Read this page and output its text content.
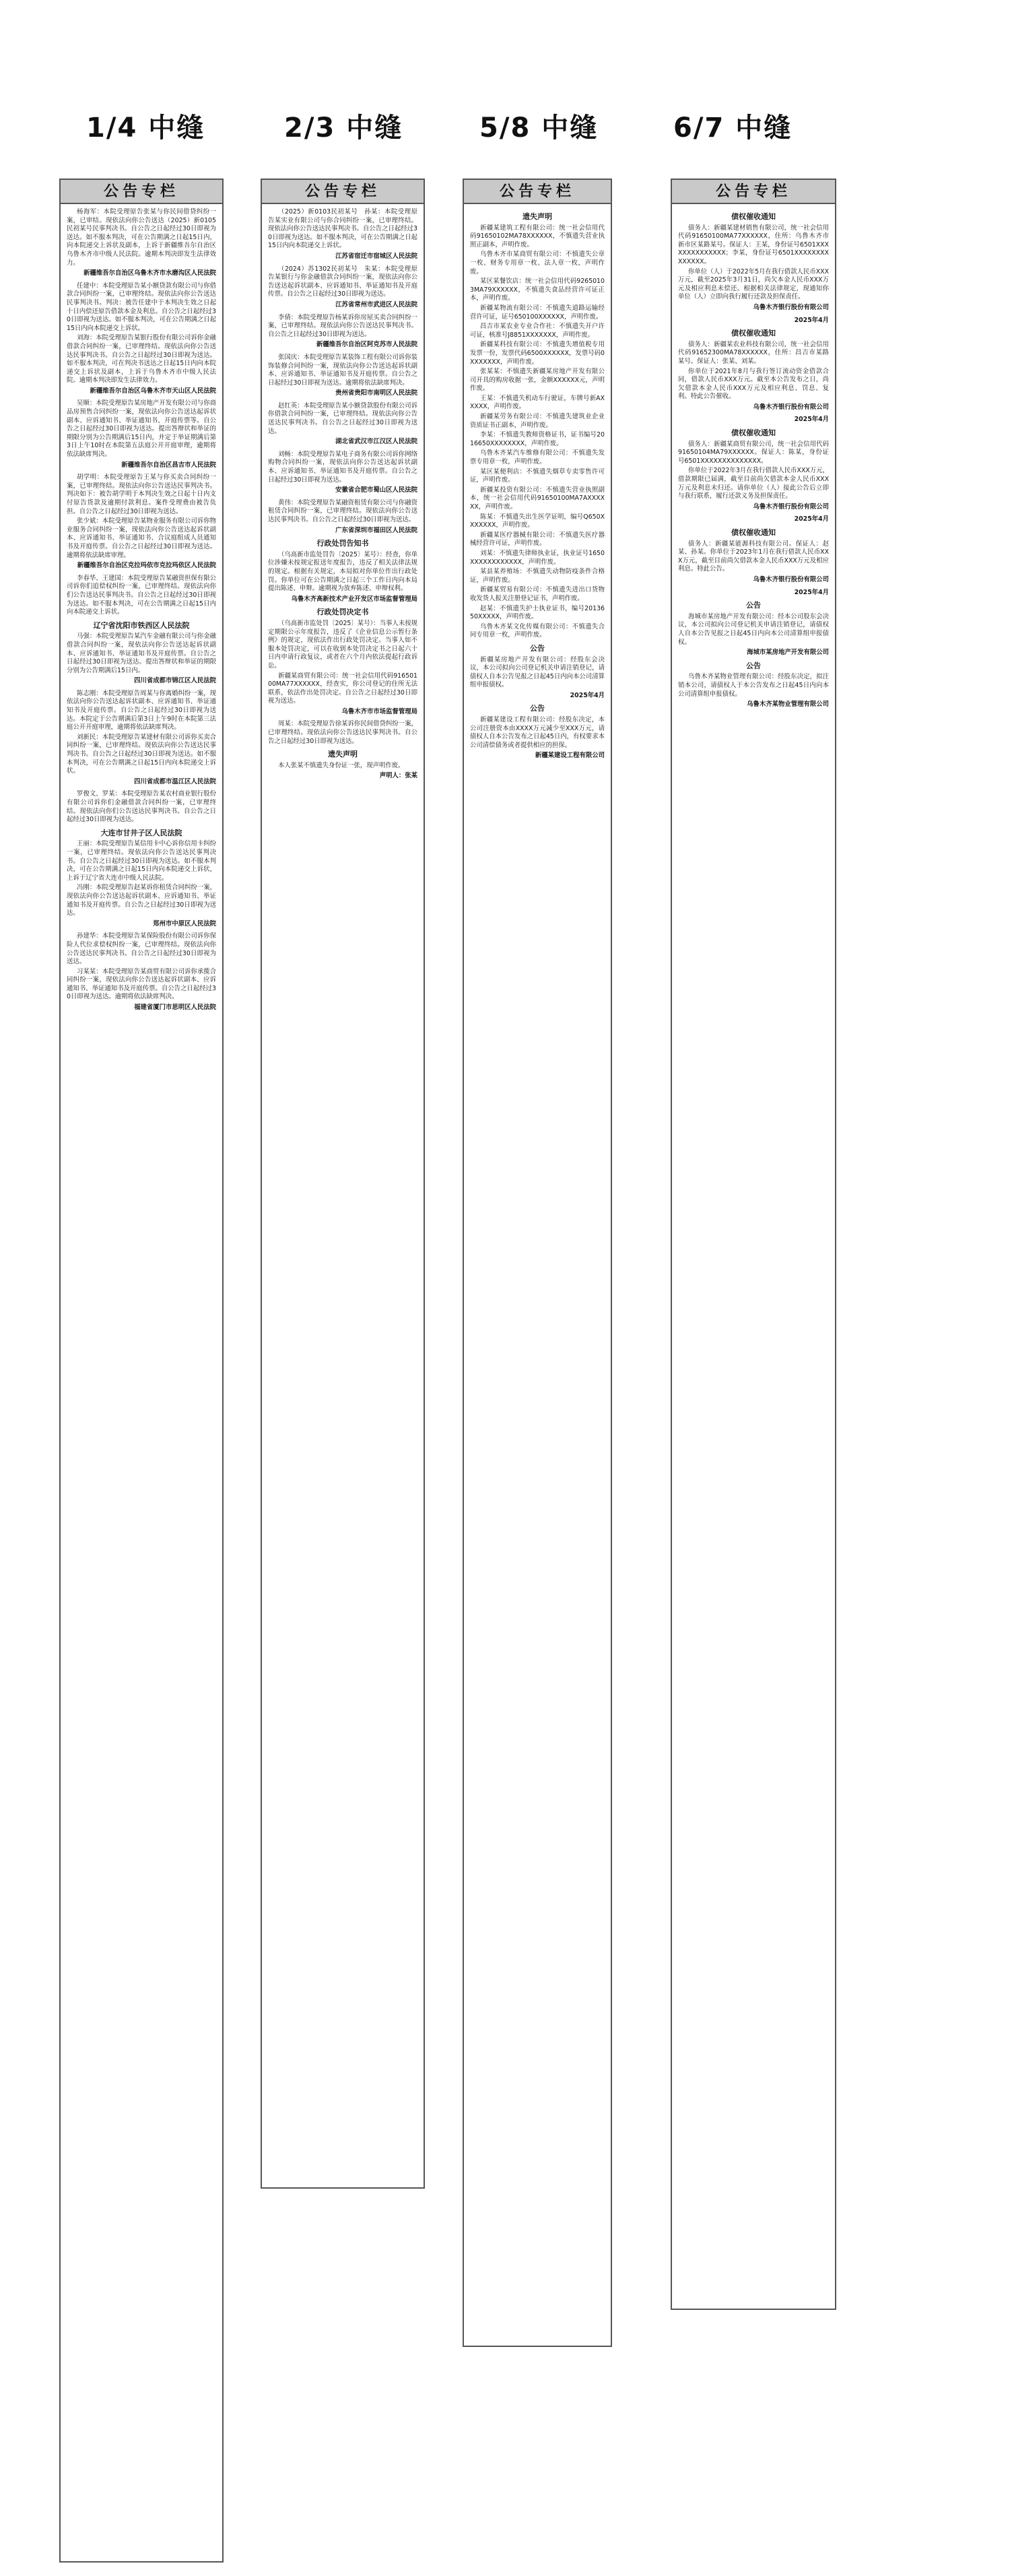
1/4 中缝	2/3 中缝	5/8 中缝	6/7 中缝
公告专栏

杨海军：本院受理原告张某与你民间借贷纠纷一案，已审结。现依法向你公告送达（2025）新0105民初某号民事判决书。自公告之日起经过30日即视为送达。如不服本判决，可在公告期满之日起15日内，向本院递交上诉状及副本，上诉于新疆维吾尔自治区乌鲁木齐市中级人民法院。逾期本判决即发生法律效力。

新疆维吾尔自治区乌鲁木齐市水磨沟区人民法院

任建中：本院受理原告某小额贷款有限公司与你借款合同纠纷一案，已审理终结。现依法向你公告送达民事判决书。判决：被告任建中于本判决生效之日起十日内偿还原告借款本金及利息。自公告之日起经过30日即视为送达。如不服本判决，可在公告期满之日起15日内向本院递交上诉状。

刘海：本院受理原告某银行股份有限公司诉你金融借款合同纠纷一案，已审理终结。现依法向你公告送达民事判决书。自公告之日起经过30日即视为送达。如不服本判决，可在判决书送达之日起15日内向本院递交上诉状及副本，上诉于乌鲁木齐市中级人民法院。逾期本判决即发生法律效力。

新疆维吾尔自治区乌鲁木齐市天山区人民法院

吴顺：本院受理原告某房地产开发有限公司与你商品房预售合同纠纷一案，现依法向你公告送达起诉状副本、应诉通知书、举证通知书、开庭传票等。自公告之日起经过30日即视为送达。提出答辩状和举证的期限分别为公告期满后15日内，并定于举证期满后第3日上午10时在本院第五法庭公开开庭审理，逾期将依法缺席判决。

新疆维吾尔自治区昌吉市人民法院

胡学明：本院受理原告王某与你买卖合同纠纷一案，已审理终结。现依法向你公告送达民事判决书。判决如下：被告胡学明于本判决生效之日起十日内支付原告货款及逾期付款利息。案件受理费由被告负担。自公告之日起经过30日即视为送达。

张少斌：本院受理原告某物业服务有限公司诉你物业服务合同纠纷一案，现依法向你公告送达起诉状副本、应诉通知书、举证通知书、合议庭组成人员通知书及开庭传票。自公告之日起经过30日即视为送达。逾期将依法缺席审理。

新疆维吾尔自治区克拉玛依市克拉玛依区人民法院

李春华、王建国：本院受理原告某融资担保有限公司诉你们追偿权纠纷一案，已审理终结。现依法向你们公告送达民事判决书。自公告之日起经过30日即视为送达。如不服本判决，可在公告期满之日起15日内向本院递交上诉状。

辽宁省沈阳市铁西区人民法院

马强：本院受理原告某汽车金融有限公司与你金融借款合同纠纷一案，现依法向你公告送达起诉状副本、应诉通知书、举证通知书及开庭传票。自公告之日起经过30日即视为送达。提出答辩状和举证的期限分别为公告期满后15日内。

四川省成都市锦江区人民法院

陈志刚：本院受理原告周某与你离婚纠纷一案，现依法向你公告送达起诉状副本、应诉通知书、举证通知书及开庭传票。自公告之日起经过30日即视为送达。本院定于公告期满后第3日上午9时在本院第三法庭公开开庭审理，逾期将依法缺席判决。

刘新民：本院受理原告某建材有限公司诉你买卖合同纠纷一案，已审理终结。现依法向你公告送达民事判决书。自公告之日起经过30日即视为送达。如不服本判决，可在公告期满之日起15日内向本院递交上诉状。

四川省成都市温江区人民法院

罗俊文、罗某：本院受理原告某农村商业银行股份有限公司诉你们金融借款合同纠纷一案，已审理终结。现依法向你们公告送达民事判决书。自公告之日起经过30日即视为送达。

大连市甘井子区人民法院

王丽：本院受理原告某信用卡中心诉你信用卡纠纷一案，已审理终结。现依法向你公告送达民事判决书。自公告之日起经过30日即视为送达。如不服本判决，可在公告期满之日起15日内向本院递交上诉状，上诉于辽宁省大连市中级人民法院。

冯刚：本院受理原告赵某诉你租赁合同纠纷一案，现依法向你公告送达起诉状副本、应诉通知书、举证通知书及开庭传票。自公告之日起经过30日即视为送达。

郑州市中原区人民法院

孙建华：本院受理原告某保险股份有限公司诉你保险人代位求偿权纠纷一案，已审理终结。现依法向你公告送达民事判决书。自公告之日起经过30日即视为送达。

习某某：本院受理原告某商贸有限公司诉你承揽合同纠纷一案，现依法向你公告送达起诉状副本、应诉通知书、举证通知书及开庭传票。自公告之日起经过30日即视为送达。逾期将依法缺席判决。

福建省厦门市思明区人民法院

公告专栏

（2025）新0103民初某号　孙某：本院受理原告某实业有限公司与你合同纠纷一案，已审理终结。现依法向你公告送达民事判决书。自公告之日起经过30日即视为送达。如不服本判决，可在公告期满之日起15日内向本院递交上诉状。

江苏省宿迁市宿城区人民法院

（2024）苏1302民初某号　朱某：本院受理原告某银行与你金融借款合同纠纷一案，现依法向你公告送达起诉状副本、应诉通知书、举证通知书及开庭传票。自公告之日起经过30日即视为送达。

江苏省常州市武进区人民法院

李倩：本院受理原告杨某诉你房屋买卖合同纠纷一案，已审理终结。现依法向你公告送达民事判决书。自公告之日起经过30日即视为送达。

新疆维吾尔自治区阿克苏市人民法院

张国庆：本院受理原告某装饰工程有限公司诉你装饰装修合同纠纷一案，现依法向你公告送达起诉状副本、应诉通知书、举证通知书及开庭传票。自公告之日起经过30日即视为送达。逾期将依法缺席判决。

贵州省贵阳市南明区人民法院

赵红英：本院受理原告某小额贷款股份有限公司诉你借款合同纠纷一案，已审理终结。现依法向你公告送达民事判决书。自公告之日起经过30日即视为送达。

湖北省武汉市江汉区人民法院

刘畅：本院受理原告某电子商务有限公司诉你网络购物合同纠纷一案，现依法向你公告送达起诉状副本、应诉通知书、举证通知书及开庭传票。自公告之日起经过30日即视为送达。

安徽省合肥市蜀山区人民法院

黄伟：本院受理原告某融资租赁有限公司与你融资租赁合同纠纷一案，已审理终结。现依法向你公告送达民事判决书。自公告之日起经过30日即视为送达。

广东省深圳市福田区人民法院

行政处罚告知书

（乌高新市监处罚告〔2025〕某号）：经查，你单位涉嫌未按规定报送年度报告，违反了相关法律法规的规定。根据有关规定，本局拟对你单位作出行政处罚。你单位可在公告期满之日起三个工作日内向本局提出陈述、申辩。逾期视为放弃陈述、申辩权利。

乌鲁木齐高新技术产业开发区市场监督管理局

行政处罚决定书

（乌高新市监处罚〔2025〕某号）：当事人未按规定期限公示年度报告，违反了《企业信息公示暂行条例》的规定，现依法作出行政处罚决定。当事人如不服本处罚决定，可以在收到本处罚决定书之日起六十日内申请行政复议，或者在六个月内依法提起行政诉讼。

新疆某商贸有限公司：统一社会信用代码91650100MA77XXXXXX，经查实，你公司登记的住所无法联系，依法作出处罚决定。自公告之日起经过30日即视为送达。

乌鲁木齐市市场监督管理局

周某：本院受理原告徐某诉你民间借贷纠纷一案，已审理终结。现依法向你公告送达民事判决书。自公告之日起经过30日即视为送达。

遗失声明

本人张某不慎遗失身份证一张，现声明作废。

声明人：张某

公告专栏

遗失声明

新疆某建筑工程有限公司：统一社会信用代码91650102MA78XXXXXX，不慎遗失营业执照正副本，声明作废。

乌鲁木齐市某商贸有限公司：不慎遗失公章一枚、财务专用章一枚、法人章一枚，声明作废。

某区某餐饮店：统一社会信用代码92650103MA79XXXXXX，不慎遗失食品经营许可证正本，声明作废。

新疆某物流有限公司：不慎遗失道路运输经营许可证，证号650100XXXXXX，声明作废。

昌吉市某农业专业合作社：不慎遗失开户许可证，核准号J8851XXXXXXX，声明作废。

新疆某科技有限公司：不慎遗失增值税专用发票一份，发票代码6500XXXXXX，发票号码0XXXXXXX，声明作废。

张某某：不慎遗失新疆某房地产开发有限公司开具的购房收据一张，金额XXXXXX元，声明作废。

王某：不慎遗失机动车行驶证，车牌号新AXXXXX，声明作废。

新疆某劳务有限公司：不慎遗失建筑业企业资质证书正副本，声明作废。

李某：不慎遗失教师资格证书，证书编号2016650XXXXXXXX，声明作废。

乌鲁木齐某汽车维修有限公司：不慎遗失发票专用章一枚，声明作废。

某区某便利店：不慎遗失烟草专卖零售许可证，声明作废。

新疆某投资有限公司：不慎遗失营业执照副本，统一社会信用代码91650100MA7AXXXXXX，声明作废。

陈某：不慎遗失出生医学证明，编号Q650XXXXXXX，声明作废。

新疆某医疗器械有限公司：不慎遗失医疗器械经营许可证，声明作废。

刘某：不慎遗失律师执业证，执业证号1650XXXXXXXXXXXX，声明作废。

某县某养殖场：不慎遗失动物防疫条件合格证，声明作废。

新疆某贸易有限公司：不慎遗失进出口货物收发货人报关注册登记证书，声明作废。

赵某：不慎遗失护士执业证书，编号2013650XXXXX，声明作废。

乌鲁木齐某文化传媒有限公司：不慎遗失合同专用章一枚，声明作废。

公告

新疆某房地产开发有限公司：经股东会决议，本公司拟向公司登记机关申请注销登记，请债权人自本公告见报之日起45日内向本公司清算组申报债权。

2025年4月

公告

新疆某建设工程有限公司：经股东决定，本公司注册资本由XXXX万元减少至XXX万元，请债权人自本公告发布之日起45日内，有权要求本公司清偿债务或者提供相应的担保。

新疆某建设工程有限公司

公告专栏

债权催收通知

债务人：新疆某建材销售有限公司，统一社会信用代码91650100MA77XXXXXX，住所：乌鲁木齐市新市区某路某号。保证人：王某，身份证号6501XXXXXXXXXXXXXX；李某，身份证号6501XXXXXXXXXXXXXX。

你单位（人）于2022年5月在我行借款人民币XXX万元，截至2025年3月31日，尚欠本金人民币XXX万元及相应利息未偿还。根据相关法律规定，现通知你单位（人）立即向我行履行还款及担保责任。

乌鲁木齐银行股份有限公司

2025年4月

债权催收通知

债务人：新疆某农业科技有限公司，统一社会信用代码91652300MA78XXXXXX，住所：昌吉市某路某号。保证人：张某、刘某。

你单位于2021年8月与我行签订流动资金借款合同，借款人民币XXX万元。截至本公告发布之日，尚欠借款本金人民币XXX万元及相应利息、罚息、复利。特此公告催收。

乌鲁木齐银行股份有限公司

2025年4月

债权催收通知

债务人：新疆某商贸有限公司，统一社会信用代码91650104MA79XXXXXX。保证人：陈某，身份证号6501XXXXXXXXXXXXXX。

你单位于2022年3月在我行借款人民币XXX万元，借款期限已届满，截至目前尚欠借款本金人民币XXX万元及利息未归还。请你单位（人）接此公告后立即与我行联系，履行还款义务及担保责任。

乌鲁木齐银行股份有限公司

2025年4月

债权催收通知

债务人：新疆某能源科技有限公司。保证人：赵某、孙某。你单位于2023年1月在我行借款人民币XXX万元，截至目前尚欠借款本金人民币XXX万元及相应利息。特此公告。

乌鲁木齐银行股份有限公司

2025年4月

公告

海城市某房地产开发有限公司：经本公司股东会决议，本公司拟向公司登记机关申请注销登记，请债权人自本公告见报之日起45日内向本公司清算组申报债权。

海城市某房地产开发有限公司

公告

乌鲁木齐某物业管理有限公司：经股东决定，拟注销本公司，请债权人于本公告发布之日起45日内向本公司清算组申报债权。

乌鲁木齐某物业管理有限公司
